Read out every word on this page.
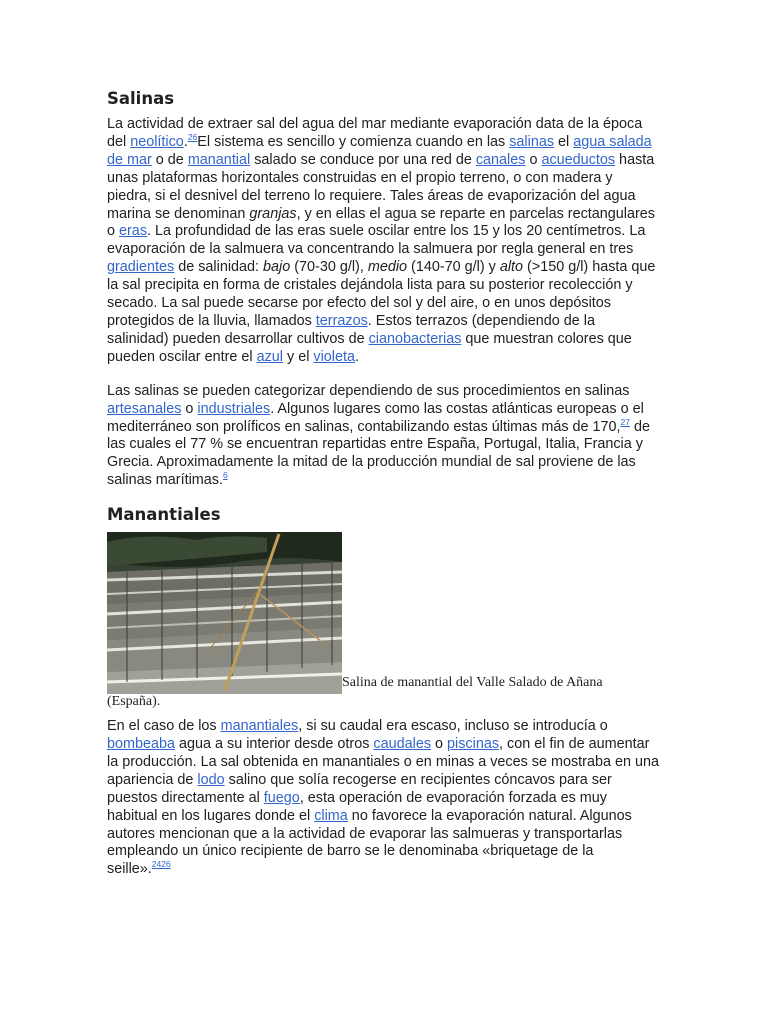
Salinas

La actividad de extraer sal del agua del mar mediante evaporación data de la época del neolítico.$^{26}$El sistema es sencillo y comienza cuando en las salinas el agua salada de mar o de manantial salado se conduce por una red de canales o acueductos hasta unas plataformas horizontales construidas en el propio terreno, o con madera y piedra, si el desnivel del terreno lo requiere. Tales áreas de evaporización del agua marina se denominan granjas, y en ellas el agua se reparte en parcelas rectangulares o eras. La profundidad de las eras suele oscilar entre los 15 y los 20 centímetros. La evaporación de la salmuera va concentrando la salmuera por regla general en tres gradientes de salinidad: bajo (70-30 g/l), medio (140-70 g/l) y alto (>150 g/l) hasta que la sal precipita en forma de cristales dejándola lista para su posterior recolección y secado. La sal puede secarse por efecto del sol y del aire, o en unos depósitos protegidos de la lluvia, llamados terrazos. Estos terrazos (dependiendo de la salinidad) pueden desarrollar cultivos de cianobacterias que muestran colores que pueden oscilar entre el azul y el violeta.

Las salinas se pueden categorizar dependiendo de sus procedimientos en salinas artesanales o industriales. Algunos lugares como las costas atlánticas europeas o el mediterráneo son prolíficos en salinas, contabilizando estas últimas más de 170,27 de las cuales el 77 % se encuentran repartidas entre España, Portugal, Italia, Francia y Grecia. Aproximadamente la mitad de la producción mundial de sal proviene de las salinas marítimas.$^6$

Manantiales

Salina de manantial del Valle Salado de Añana (España).

En el caso de los manantiales, si su caudal era escaso, incluso se introducía o bombeaba agua a su interior desde otros caudales o piscinas, con el fin de aumentar la producción. La sal obtenida en manantiales o en minas a veces se mostraba en una apariencia de lodo salino que solía recogerse en recipientes cóncavos para ser puestos directamente al fuego, esta operación de evaporación forzada es muy habitual en los lugares donde el clima no favorece la evaporación natural. Algunos autores mencionan que a la actividad de evaporar las salmueras y transportarlas empleando un único recipiente de barro se le denominaba «briquetage de la seille».$^{2426}$
